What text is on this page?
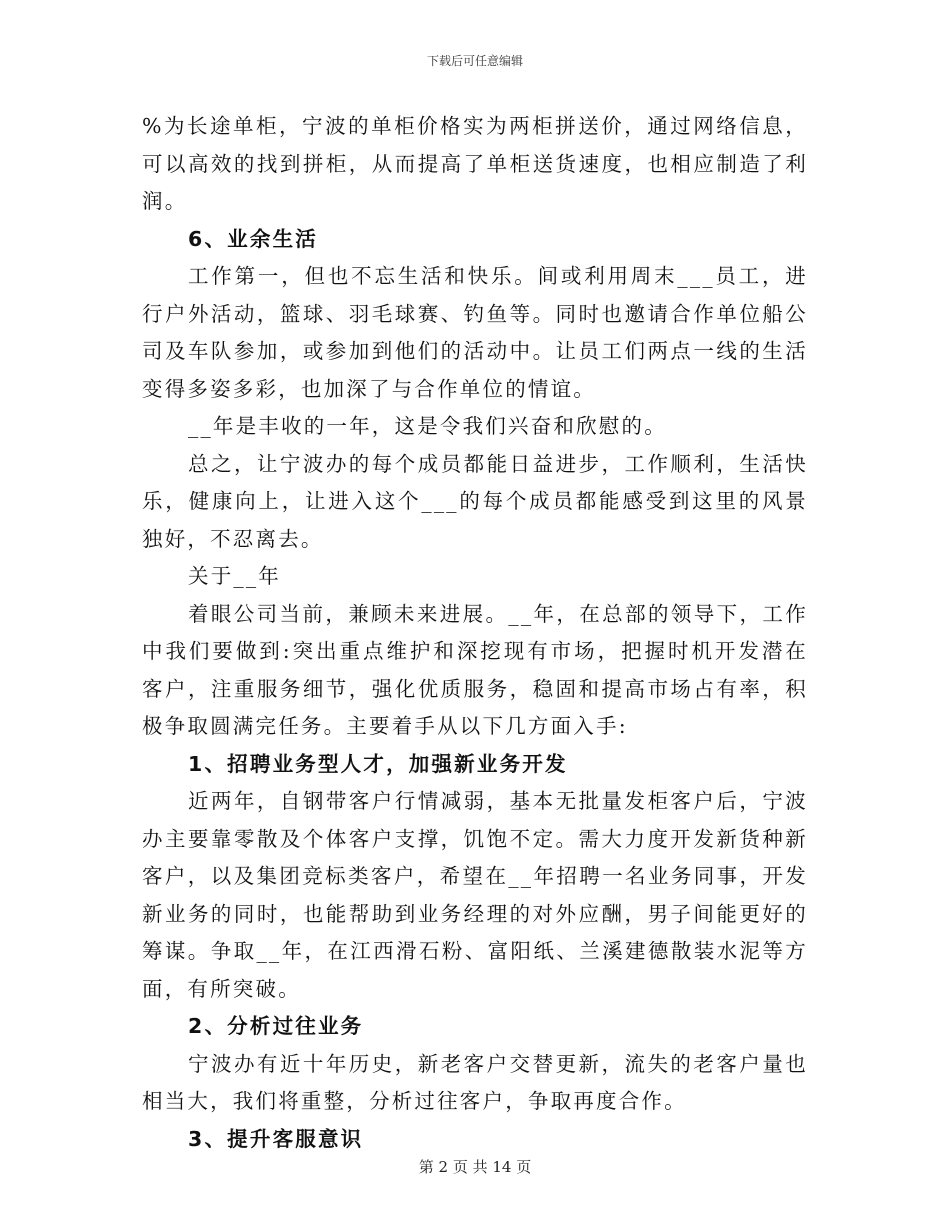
下载后可任意编辑

%为长途单柜，宁波的单柜价格实为两柜拼送价，通过网络信息，可以高效的找到拼柜，从而提高了单柜送货速度，也相应制造了利润。

6、业余生活

工作第一，但也不忘生活和快乐。间或利用周末___员工，进行户外活动，篮球、羽毛球赛、钓鱼等。同时也邀请合作单位船公司及车队参加，或参加到他们的活动中。让员工们两点一线的生活变得多姿多彩，也加深了与合作单位的情谊。

__年是丰收的一年，这是令我们兴奋和欣慰的。

总之，让宁波办的每个成员都能日益进步，工作顺利，生活快乐，健康向上，让进入这个___的每个成员都能感受到这里的风景独好，不忍离去。

关于__年

着眼公司当前，兼顾未来进展。__年，在总部的领导下，工作中我们要做到:突出重点维护和深挖现有市场，把握时机开发潜在客户，注重服务细节，强化优质服务，稳固和提高市场占有率，积极争取圆满完任务。主要着手从以下几方面入手:

1、招聘业务型人才，加强新业务开发

近两年，自钢带客户行情减弱，基本无批量发柜客户后，宁波办主要靠零散及个体客户支撑，饥饱不定。需大力度开发新货种新客户，以及集团竞标类客户，希望在__年招聘一名业务同事，开发新业务的同时，也能帮助到业务经理的对外应酬，男子间能更好的筹谋。争取__年，在江西滑石粉、富阳纸、兰溪建德散装水泥等方面，有所突破。

2、分析过往业务

宁波办有近十年历史，新老客户交替更新，流失的老客户量也相当大，我们将重整，分析过往客户，争取再度合作。

3、提升客服意识

第 2 页 共 14 页
